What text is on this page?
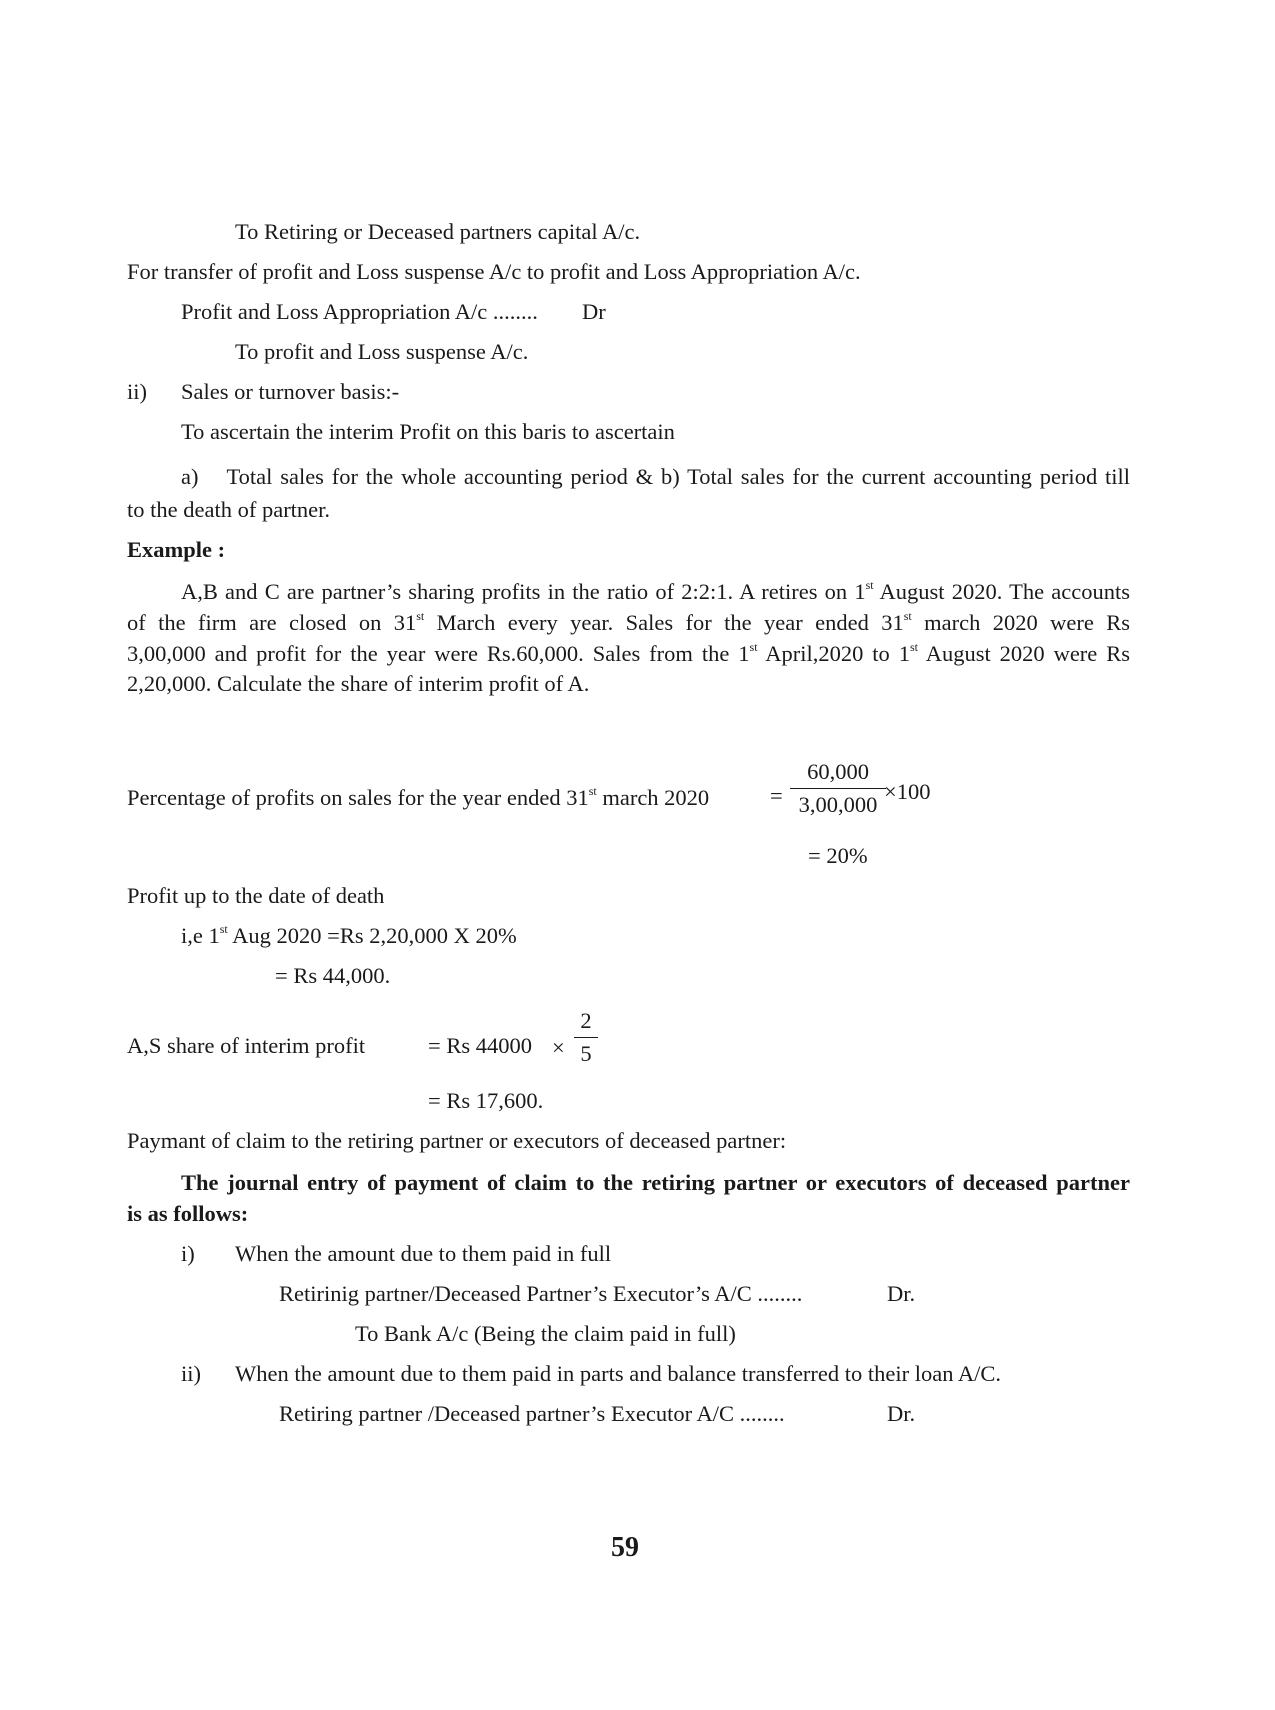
To Retiring or Deceased partners capital A/c.
For transfer of profit and Loss suspense A/c to profit and Loss Appropriation A/c.
Profit and Loss Appropriation A/c ........ Dr
To profit and Loss suspense A/c.
ii) Sales or turnover basis:-
To ascertain the interim Profit on this baris to ascertain
a) Total sales for the whole accounting period & b) Total sales for the current accounting period till
to the death of partner.
Example :
A,B and C are partner’s sharing profits in the ratio of 2:2:1. A retires on 1st August 2020. The accounts
of the firm are closed on 31st March every year. Sales for the year ended 31st march 2020 were Rs
3,00,000 and profit for the year were Rs.60,000. Sales from the 1st April,2020 to 1st August 2020 were Rs
2,20,000. Calculate the share of interim profit of A.
Percentage of profits on sales for the year ended 31st march 2020	= $\frac{60,000}{3,00,000}$
×100
= 20%
Profit up to the date of death
i,e 1st Aug 2020 =Rs 2,20,000 X 20%
= Rs 44,000.
A,S share of interim profit	= Rs $44000 \times \frac{2}{5}$
= Rs 17,600.
Paymant of claim to the retiring partner or executors of deceased partner:
The journal entry of payment of claim to the retiring partner or executors of deceased partner
is as follows:
i) When the amount due to them paid in full
Retirinig partner/Deceased Partner’s Executor’s A/C ........	Dr.
To Bank A/c (Being the claim paid in full)
ii) When the amount due to them paid in parts and balance transferred to their loan A/C.
Retiring partner /Deceased partner’s Executor A/C ........	Dr.
59
